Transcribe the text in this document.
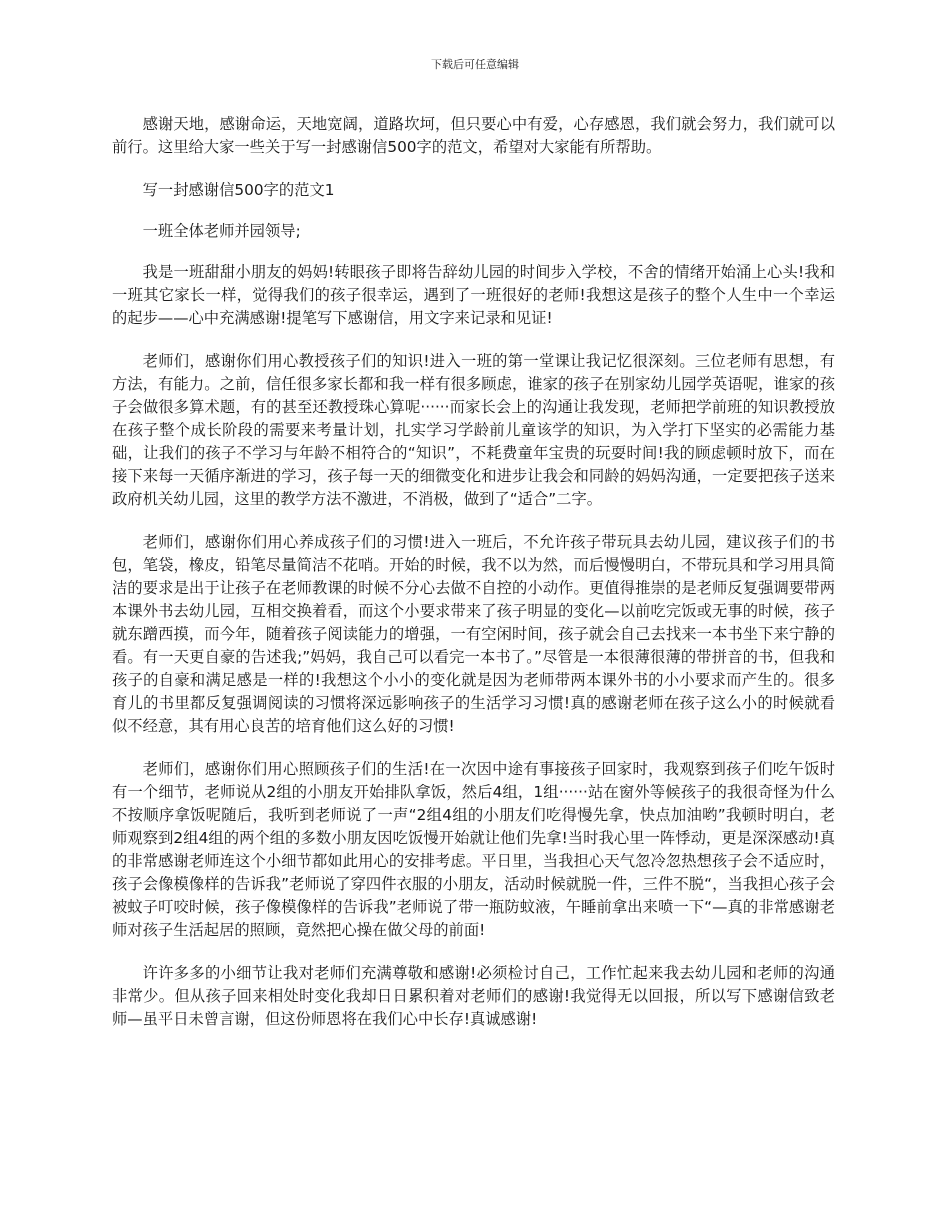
下载后可任意编辑

感谢天地，感谢命运，天地宽阔，道路坎坷，但只要心中有爱，心存感恩，我们就会努力，我们就可以前行。这里给大家一些关于写一封感谢信500字的范文，希望对大家能有所帮助。

写一封感谢信500字的范文1

一班全体老师并园领导;

我是一班甜甜小朋友的妈妈!转眼孩子即将告辞幼儿园的时间步入学校，不舍的情绪开始涌上心头!我和一班其它家长一样，觉得我们的孩子很幸运，遇到了一班很好的老师!我想这是孩子的整个人生中一个幸运的起步——心中充满感谢!提笔写下感谢信，用文字来记录和见证!

老师们，感谢你们用心教授孩子们的知识!进入一班的第一堂课让我记忆很深刻。三位老师有思想，有方法，有能力。之前，信任很多家长都和我一样有很多顾虑，谁家的孩子在别家幼儿园学英语呢，谁家的孩子会做很多算术题，有的甚至还教授珠心算呢······而家长会上的沟通让我发现，老师把学前班的知识教授放在孩子整个成长阶段的需要来考量计划，扎实学习学龄前儿童该学的知识，为入学打下坚实的必需能力基础，让我们的孩子不学习与年龄不相符合的“知识”，不耗费童年宝贵的玩耍时间!我的顾虑顿时放下，而在接下来每一天循序渐进的学习，孩子每一天的细微变化和进步让我会和同龄的妈妈沟通，一定要把孩子送来政府机关幼儿园，这里的教学方法不激进，不消极，做到了“适合”二字。

老师们，感谢你们用心养成孩子们的习惯!进入一班后，不允许孩子带玩具去幼儿园，建议孩子们的书包，笔袋，橡皮，铅笔尽量简洁不花哨。开始的时候，我不以为然，而后慢慢明白，不带玩具和学习用具简洁的要求是出于让孩子在老师教课的时候不分心去做不自控的小动作。更值得推崇的是老师反复强调要带两本课外书去幼儿园，互相交换着看，而这个小要求带来了孩子明显的变化—以前吃完饭或无事的时候，孩子就东蹭西摸，而今年，随着孩子阅读能力的增强，一有空闲时间，孩子就会自己去找来一本书坐下来宁静的看。有一天更自豪的告述我;”妈妈，我自己可以看完一本书了。”尽管是一本很薄很薄的带拼音的书，但我和孩子的自豪和满足感是一样的!我想这个小小的变化就是因为老师带两本课外书的小小要求而产生的。很多育儿的书里都反复强调阅读的习惯将深远影响孩子的生活学习习惯!真的感谢老师在孩子这么小的时候就看似不经意，其有用心良苦的培育他们这么好的习惯!

老师们，感谢你们用心照顾孩子们的生活!在一次因中途有事接孩子回家时，我观察到孩子们吃午饭时有一个细节，老师说从2组的小朋友开始排队拿饭，然后4组，1组······站在窗外等候孩子的我很奇怪为什么不按顺序拿饭呢随后，我听到老师说了一声“2组4组的小朋友们吃得慢先拿，快点加油哟”我顿时明白，老师观察到2组4组的两个组的多数小朋友因吃饭慢开始就让他们先拿!当时我心里一阵悸动，更是深深感动!真的非常感谢老师连这个小细节都如此用心的安排考虑。平日里，当我担心天气忽冷忽热想孩子会不适应时，孩子会像模像样的告诉我”老师说了穿四件衣服的小朋友，活动时候就脱一件，三件不脱“，当我担心孩子会被蚊子叮咬时候，孩子像模像样的告诉我”老师说了带一瓶防蚊液，午睡前拿出来喷一下“—真的非常感谢老师对孩子生活起居的照顾，竟然把心操在做父母的前面!

许许多多的小细节让我对老师们充满尊敬和感谢!必须检讨自己，工作忙起来我去幼儿园和老师的沟通非常少。但从孩子回来相处时变化我却日日累积着对老师们的感谢!我觉得无以回报，所以写下感谢信致老师—虽平日未曾言谢，但这份师恩将在我们心中长存!真诚感谢!
